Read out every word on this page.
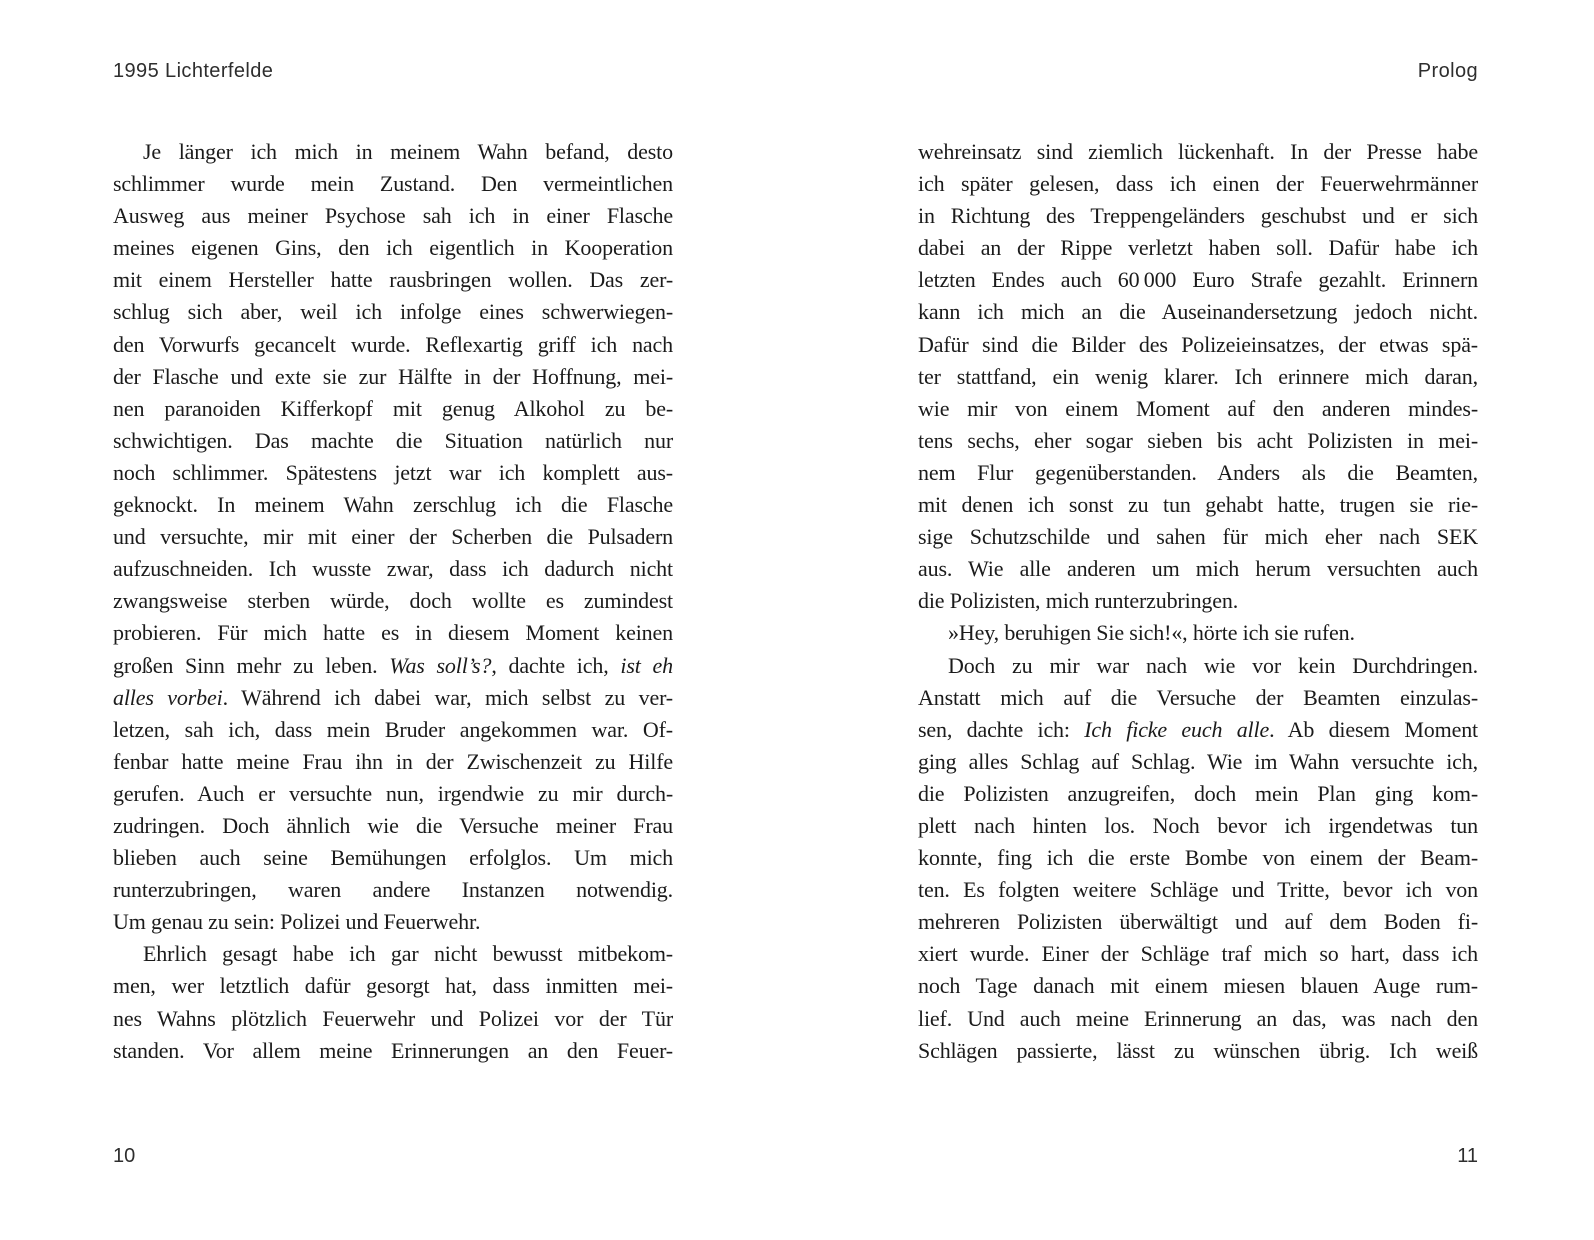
1995 Lichterfelde	Prolog
Je länger ich mich in meinem Wahn befand, desto
schlimmer wurde mein Zustand. Den vermeintlichen
Ausweg aus meiner Psychose sah ich in einer Flasche
meines eigenen Gins, den ich eigentlich in Kooperation
mit einem Hersteller hatte rausbringen wollen. Das zer-
schlug sich aber, weil ich infolge eines schwerwiegen-
den Vorwurfs gecancelt wurde. Reflexartig griff ich nach
der Flasche und exte sie zur Hälfte in der Hoffnung, mei-
nen paranoiden Kifferkopf mit genug Alkohol zu be-
schwichtigen. Das machte die Situation natürlich nur
noch schlimmer. Spätestens jetzt war ich komplett aus-
geknockt. In meinem Wahn zerschlug ich die Flasche
und versuchte, mir mit einer der Scherben die Pulsadern
aufzuschneiden. Ich wusste zwar, dass ich dadurch nicht
zwangsweise sterben würde, doch wollte es zumindest
probieren. Für mich hatte es in diesem Moment keinen
großen Sinn mehr zu leben. Was soll’s?, dachte ich, ist eh
alles vorbei. Während ich dabei war, mich selbst zu ver-
letzen, sah ich, dass mein Bruder angekommen war. Of-
fenbar hatte meine Frau ihn in der Zwischenzeit zu Hilfe
gerufen. Auch er versuchte nun, irgendwie zu mir durch-
zudringen. Doch ähnlich wie die Versuche meiner Frau
blieben auch seine Bemühungen erfolglos. Um mich
runterzubringen, waren andere Instanzen notwendig.
Um genau zu sein: Polizei und Feuerwehr.
Ehrlich gesagt habe ich gar nicht bewusst mitbekom-
men, wer letztlich dafür gesorgt hat, dass inmitten mei-
nes Wahns plötzlich Feuerwehr und Polizei vor der Tür
standen. Vor allem meine Erinnerungen an den Feuer-
wehreinsatz sind ziemlich lückenhaft. In der Presse habe
ich später gelesen, dass ich einen der Feuerwehrmänner
in Richtung des Treppengeländers geschubst und er sich
dabei an der Rippe verletzt haben soll. Dafür habe ich
letzten Endes auch 60 000 Euro Strafe gezahlt. Erinnern
kann ich mich an die Auseinandersetzung jedoch nicht.
Dafür sind die Bilder des Polizeieinsatzes, der etwas spä-
ter stattfand, ein wenig klarer. Ich erinnere mich daran,
wie mir von einem Moment auf den anderen mindes-
tens sechs, eher sogar sieben bis acht Polizisten in mei-
nem Flur gegenüberstanden. Anders als die Beamten,
mit denen ich sonst zu tun gehabt hatte, trugen sie rie-
sige Schutzschilde und sahen für mich eher nach SEK
aus. Wie alle anderen um mich herum versuchten auch
die Polizisten, mich runterzubringen.
»Hey, beruhigen Sie sich!«, hörte ich sie rufen.
Doch zu mir war nach wie vor kein Durchdringen.
Anstatt mich auf die Versuche der Beamten einzulas-
sen, dachte ich: Ich ficke euch alle. Ab diesem Moment
ging alles Schlag auf Schlag. Wie im Wahn versuchte ich,
die Polizisten anzugreifen, doch mein Plan ging kom-
plett nach hinten los. Noch bevor ich irgendetwas tun
konnte, fing ich die erste Bombe von einem der Beam-
ten. Es folgten weitere Schläge und Tritte, bevor ich von
mehreren Polizisten überwältigt und auf dem Boden fi-
xiert wurde. Einer der Schläge traf mich so hart, dass ich
noch Tage danach mit einem miesen blauen Auge rum-
lief. Und auch meine Erinnerung an das, was nach den
Schlägen passierte, lässt zu wünschen übrig. Ich weiß
10	11
